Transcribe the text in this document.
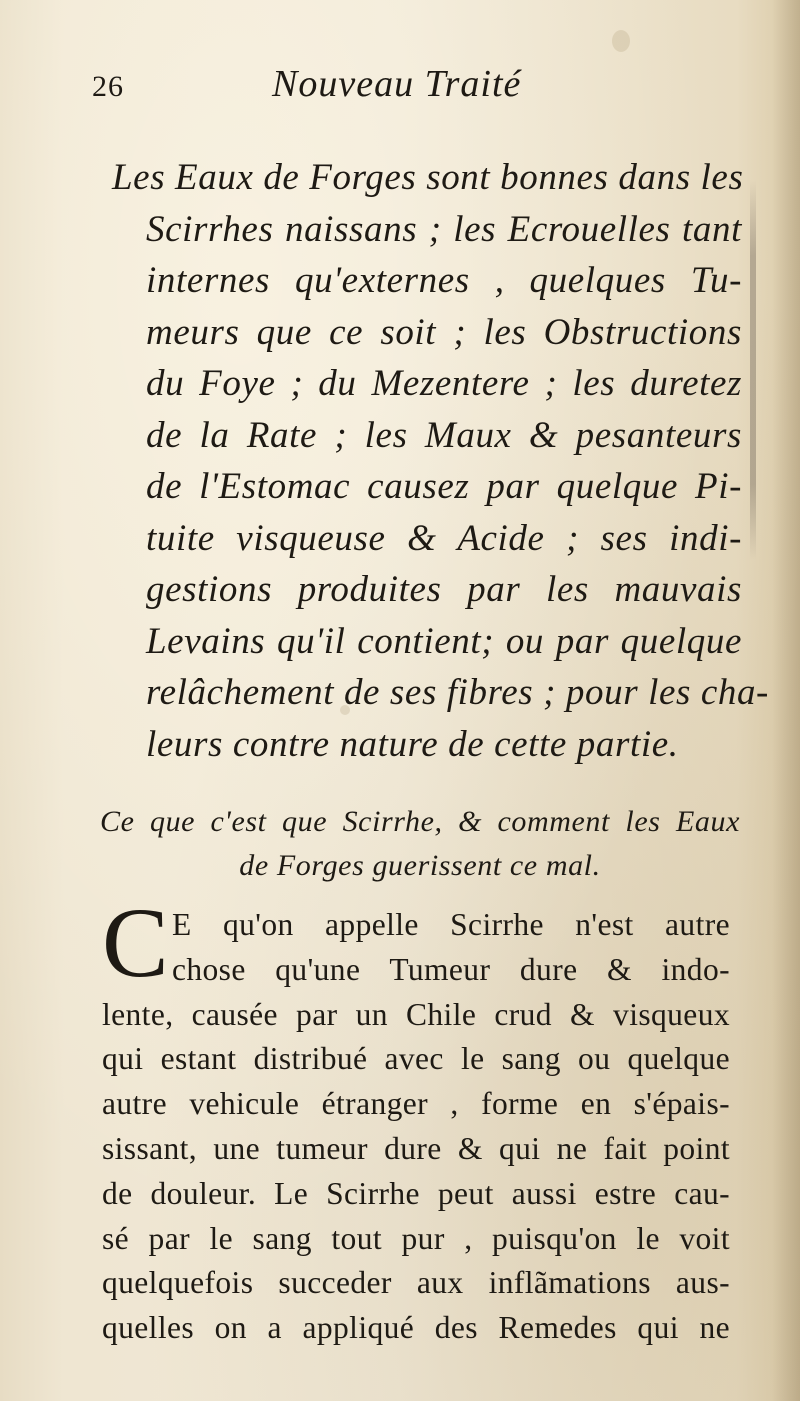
26	Nouveau Traité
Les Eaux de Forges sont bonnes dans les
Scirrhes naissans ; les Ecrouelles tant
internes qu'externes , quelques Tu-
meurs que ce soit ; les Obstructions
du Foye ; du Mezentere ; les duretez
de la Rate ; les Maux & pesanteurs
de l'Estomac causez par quelque Pi-
tuite visqueuse & Acide ; ses indi-
gestions produites par les mauvais
Levains qu'il contient; ou par quelque
relâchement de ses fibres ; pour les cha-
leurs contre nature de cette partie.
Ce que c'est que Scirrhe, & comment les Eaux
de Forges guerissent ce mal.
C E qu'on appelle Scirrhe n'est autre
chose qu'une Tumeur dure & indo-
lente, causée par un Chile crud & visqueux
qui estant distribué avec le sang ou quelque
autre vehicule étranger , forme en s'épais-
sissant, une tumeur dure & qui ne fait point
de douleur. Le Scirrhe peut aussi estre cau-
sé par le sang tout pur , puisqu'on le voit
quelquefois succeder aux inflãmations aus-
quelles on a appliqué des Remedes qui ne
